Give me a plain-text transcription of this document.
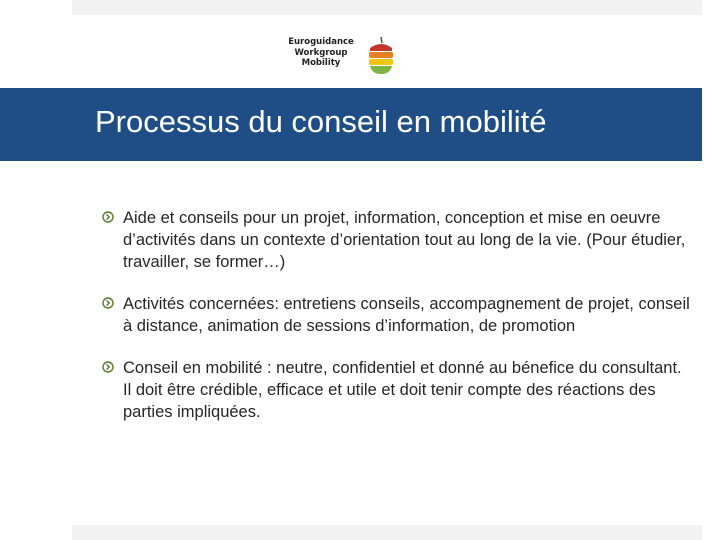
Euroguidance
Workgroup
Mobility
Processus du conseil en mobilité
Aide et conseils pour un projet, information, conception et mise en oeuvre d’activités dans un contexte d’orientation tout au long de la vie. (Pour étudier, travailler, se former…)
Activités concernées: entretiens conseils, accompagnement de projet, conseil à distance, animation de sessions d’information, de promotion
Conseil en mobilité : neutre, confidentiel et donné au bénefice du consultant. Il doit être crédible, efficace et utile et doit tenir compte des réactions des parties impliquées.
